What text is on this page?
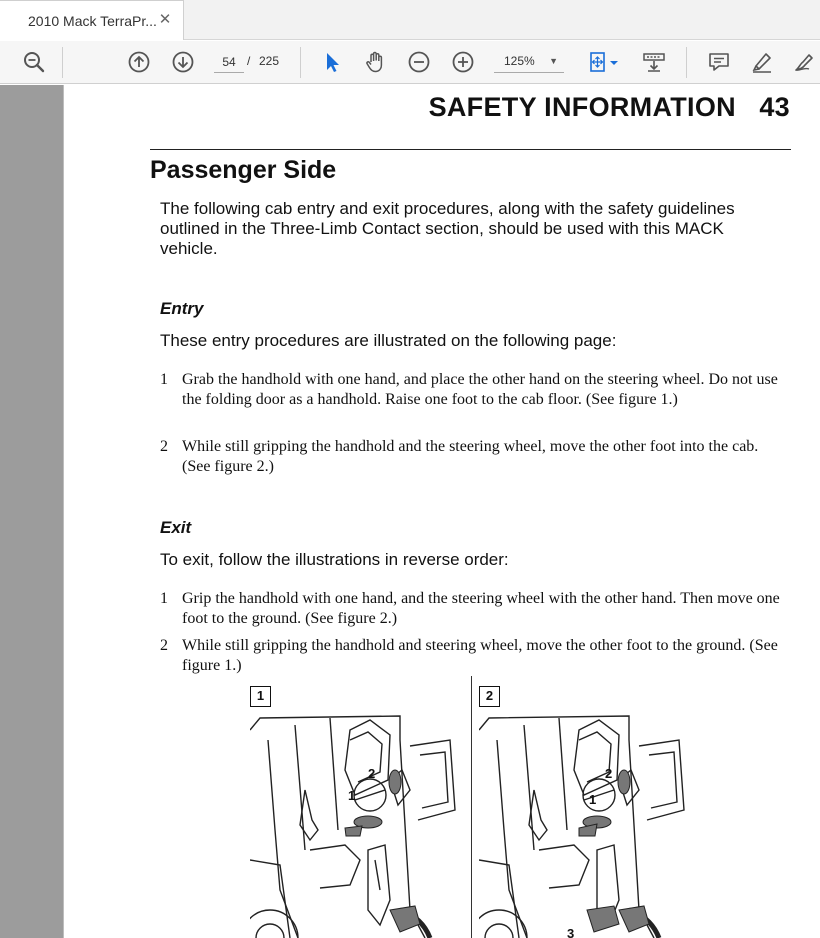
2010 Mack TerraPr... ✕
54
/ 225	125% ▼
SAFETY INFORMATION   43
Passenger Side
The following cab entry and exit procedures, along with the safety guidelines outlined in the Three-Limb Contact section, should be used with this MACK vehicle.
Entry
These entry procedures are illustrated on the following page:
1 Grab the handhold with one hand, and place the other hand on the steering wheel. Do not use the folding door as a handhold. Raise one foot to the cab floor. (See figure 1.)
2 While still gripping the handhold and the steering wheel, move the other foot into the cab. (See figure 2.)
Exit
To exit, follow the illustrations in reverse order:
1 Grip the handhold with one hand, and the steering wheel with the other hand. Then move one foot to the ground. (See figure 2.)
2 While still gripping the handhold and steering wheel, move the other foot to the ground. (See figure 1.)
1
2
1
2
2
1
3
